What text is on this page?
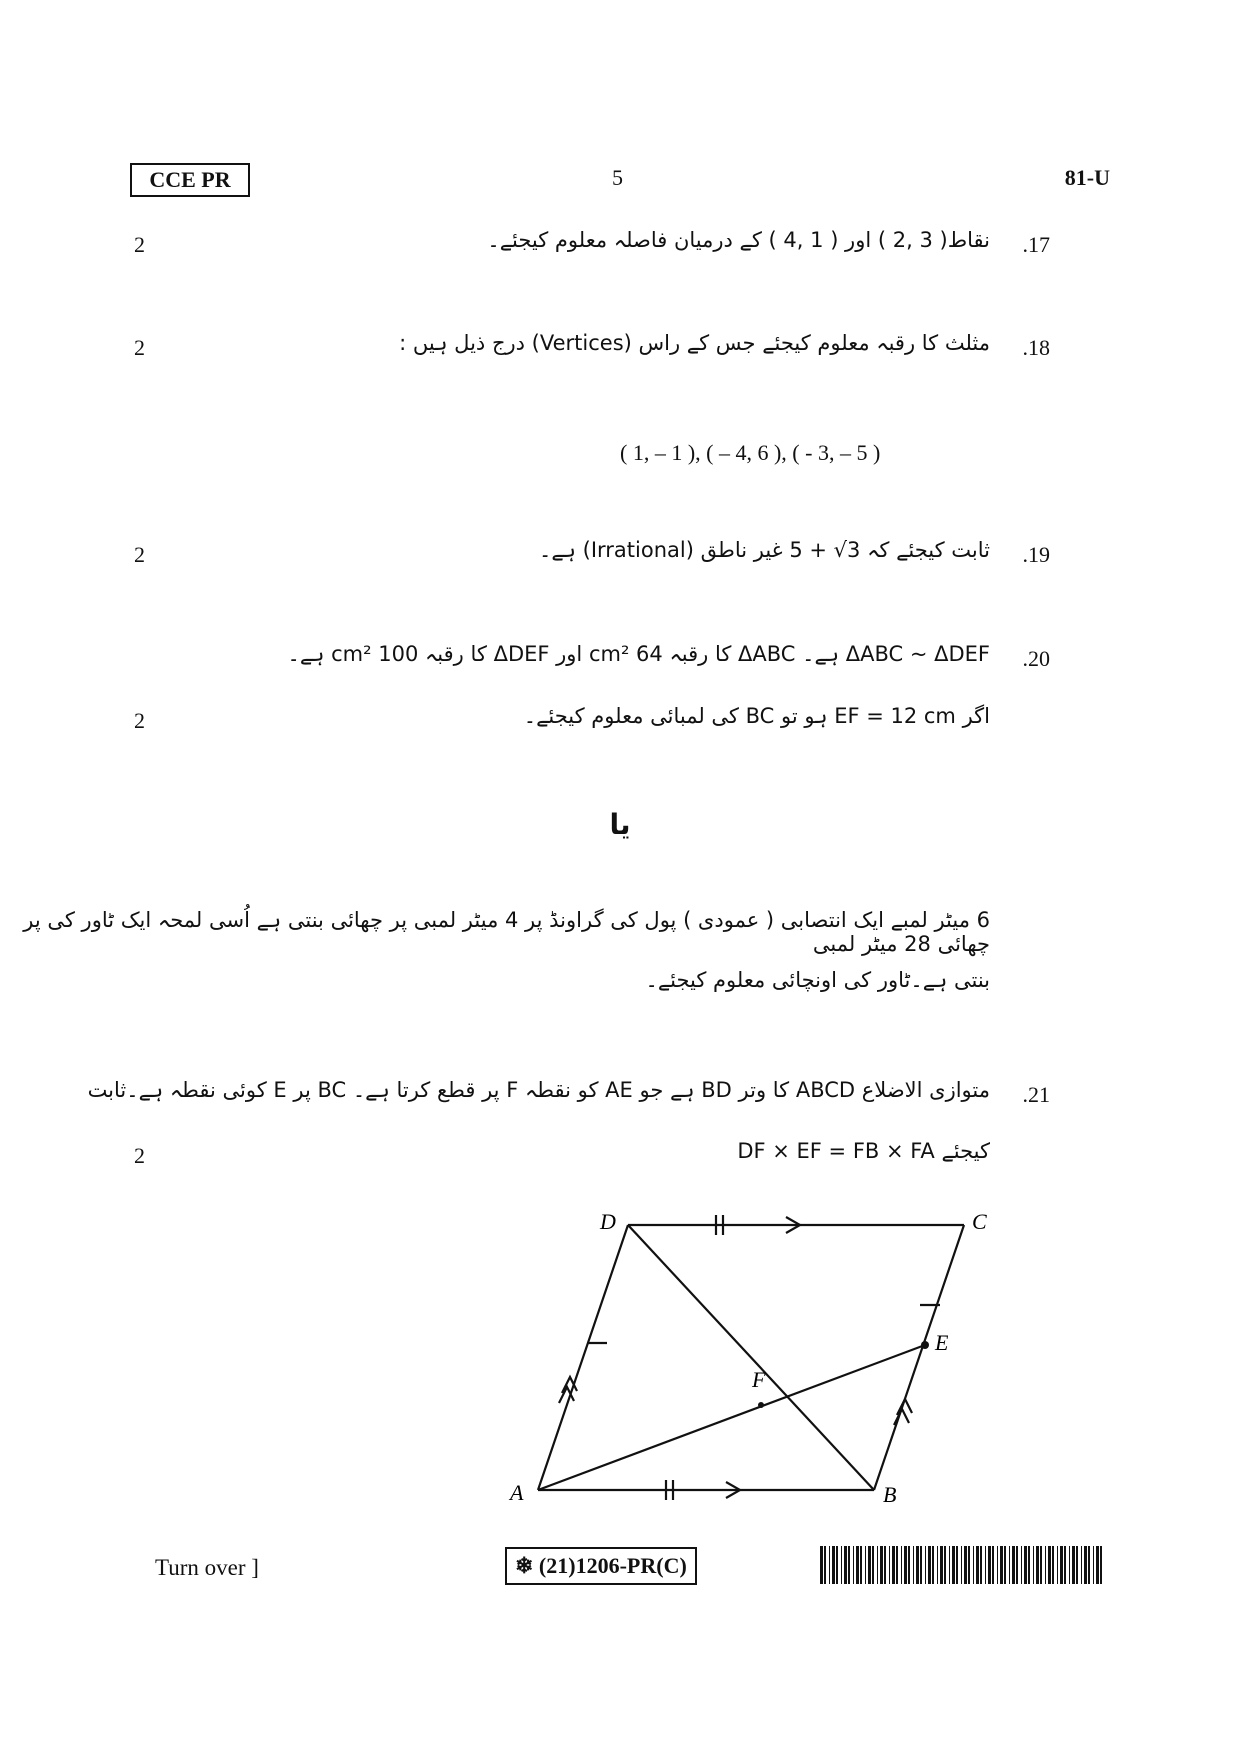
CCE PR	5	81-U
2	.17
نقاط( 3 ,2 ) اور ( 1 ,4 ) کے درمیان فاصلہ معلوم کیجئے۔
2	.18
مثلث کا رقبہ معلوم کیجئے جس کے راس (Vertices) درج ذیل ہیں :
( 1, – 1 ), ( – 4, 6 ), ( - 3, – 5 )
2	.19
ثابت کیجئے کہ 3√ + 5 غیر ناطق (Irrational) ہے۔
.20
ΔABC ~ ΔDEF ہے۔ ΔABC کا رقبہ 64 cm² اور ΔDEF کا رقبہ 100 cm² ہے۔
2	اگر EF = 12 cm ہو تو BC کی لمبائی معلوم کیجئے۔
یا
6 میٹر لمبے ایک انتصابی ( عمودی ) پول کی گراونڈ پر 4 میٹر لمبی پر چھائی بنتی ہے اُسی لمحہ ایک ٹاور کی پر چھائی 28 میٹر لمبی
بنتی ہے۔ٹاور کی اونچائی معلوم کیجئے۔
.21
متوازی الاضلاع ABCD کا وتر BD ہے جو AE کو نقطہ F پر قطع کرتا ہے۔ BC پر E کوئی نقطہ ہے۔ثابت
2	کیجئے DF × EF = FB × FA
A	B
C
D
E
F
Turn over ]	❄ (21)1206-PR(C)
